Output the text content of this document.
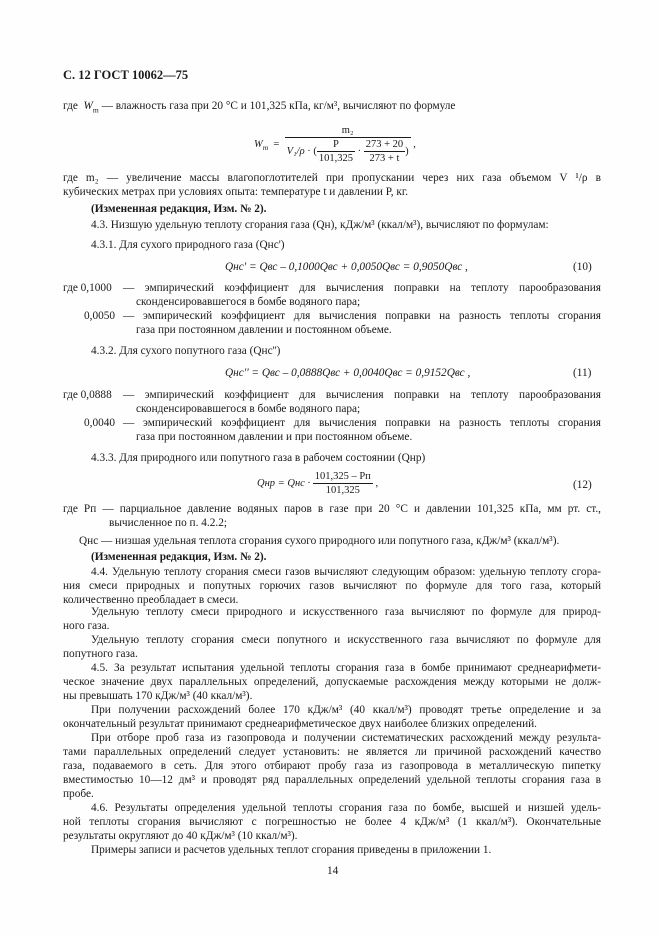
С. 12 ГОСТ 10062—75
где  $W_m$ — влажность газа при 20 °С и 101,325 кПа, кг/м³, вычисляют по формуле
$W_m = \frac{\text{m₂}}{V_1/\rho \cdot ( \frac{P}{101,325} \cdot \frac{273 + 20}{273 + t} )}$ ,
где m₂ — увеличение массы влагопоглотителей при пропускании через них газа объемом V ¹/ρ в
кубических метрах при условиях опыта: температуре t и давлении P, кг.
(Измененная редакция, Изм. № 2).
4.3. Низшую удельную теплоту сгорания газа (Qн), кДж/м³ (ккал/м³), вычисляют по формулам:
4.3.1. Для сухого природного газа (Qнс')
Qнс' = Qвс – 0,1000Qвс + 0,0050Qвс = 0,9050Qвс ,	(10)
где 0,1000 — эмпирический коэффициент для вычисления поправки на теплоту парообразования
сконденсировавшегося в бомбе водяного пара;
0,0050 — эмпирический коэффициент для вычисления поправки на разность теплоты сгорания
газа при постоянном давлении и постоянном объеме.
4.3.2. Для сухого попутного газа (Qнс'')
Qнс'' = Qвс – 0,0888Qвс + 0,0040Qвс = 0,9152Qвс ,	(11)
где 0,0888 — эмпирический коэффициент для вычисления поправки на теплоту парообразования
сконденсировавшегося в бомбе водяного пара;
0,0040 — эмпирический коэффициент для вычисления поправки на разность теплоты сгорания
газа при постоянном давлении и при постоянном объеме.
4.3.3. Для природного или попутного газа в рабочем состоянии (Qнр)
Qнр = Qнс · $\frac{101,325 - Pп}{101,325}$ ,	(12)
где Pп — парциальное давление водяных паров в газе при 20 °С и давлении 101,325 кПа, мм рт. ст.,
вычисленное по п. 4.2.2;
Qнс — низшая удельная теплота сгорания сухого природного или попутного газа, кДж/м³ (ккал/м³).
(Измененная редакция, Изм. № 2).
4.4. Удельную теплоту сгорания смеси газов вычисляют следующим образом: удельную теплоту сгора-
ния смеси природных и попутных горючих газов вычисляют по формуле для того газа, который
количественно преобладает в смеси.
Удельную теплоту смеси природного и искусственного газа вычисляют по формуле для природ-
ного газа.
Удельную теплоту сгорания смеси попутного и искусственного газа вычисляют по формуле для
попутного газа.
4.5. За результат испытания удельной теплоты сгорания газа в бомбе принимают среднеарифмети-
ческое значение двух параллельных определений, допускаемые расхождения между которыми не долж-
ны превышать 170 кДж/м³ (40 ккал/м³).
При получении расхождений более 170 кДж/м³ (40 ккал/м³) проводят третье определение и за
окончательный результат принимают среднеарифметическое двух наиболее близких определений.
При отборе проб газа из газопровода и получении систематических расхождений между результа-
тами параллельных определений следует установить: не является ли причиной расхождений качество
газа, подаваемого в сеть. Для этого отбирают пробу газа из газопровода в металлическую пипетку
вместимостью 10—12 дм³ и проводят ряд параллельных определений удельной теплоты сгорания газа в
пробе.
4.6. Результаты определения удельной теплоты сгорания газа по бомбе, высшей и низшей удель-
ной теплоты сгорания вычисляют с погрешностью не более 4 кДж/м³ (1 ккал/м³). Окончательные
результаты округляют до 40 кДж/м³ (10 ккал/м³).
Примеры записи и расчетов удельных теплот сгорания приведены в приложении 1.
14
